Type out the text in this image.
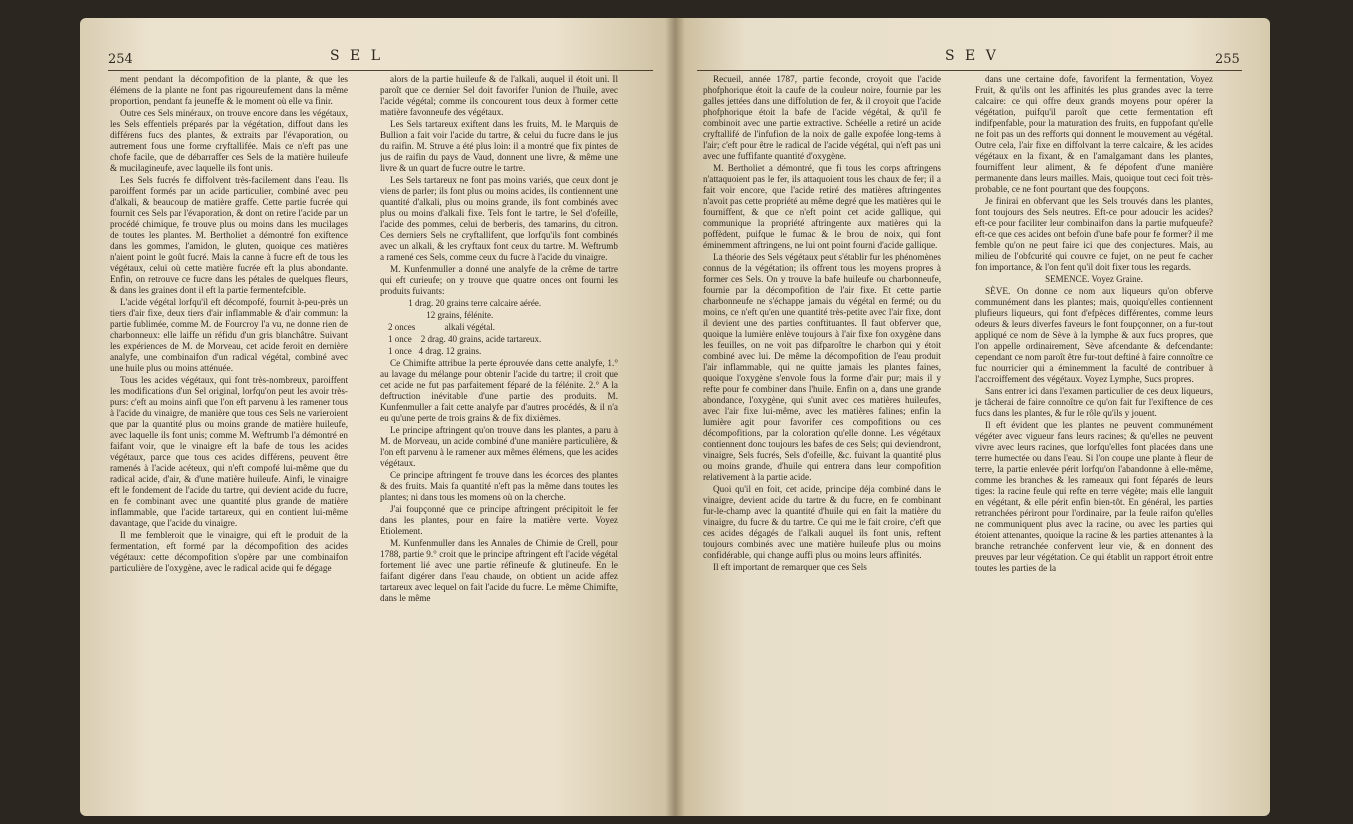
254	S E L

ment pendant la décompofition de la plante, & que les élémens de la plante ne font pas rigoureufement dans la même proportion, pendant fa jeuneffe & le moment où elle va finir.

Outre ces Sels minéraux, on trouve encore dans les végétaux, les Sels effentiels préparés par la végétation, diffout dans les différens fucs des plantes, & extraits par l'évaporation, ou autrement fous une forme cryftallifée. Mais ce n'eft pas une chofe facile, que de débarraffer ces Sels de la matière huileufe & mucilagineufe, avec laquelle ils font unis.

Les Sels fucrés fe diffolvent très-facilement dans l'eau. Ils paroiffent formés par un acide particulier, combiné avec peu d'alkali, & beaucoup de matière graffe. Cette partie fucrée qui fournit ces Sels par l'évaporation, & dont on retire l'acide par un procédé chimique, fe trouve plus ou moins dans les mucilages de toutes les plantes. M. Bertholiet a démontré fon exiftence dans les gommes, l'amidon, le gluten, quoique ces matières n'aient point le goût fucré. Mais la canne à fucre eft de tous les végétaux, celui où cette matière fucrée eft la plus abondante. Enfin, on retrouve ce fucre dans les pétales de quelques fleurs, & dans les graines dont il eft la partie fermentefcible.

L'acide végétal lorfqu'il eft décompofé, fournit à-peu-près un tiers d'air fixe, deux tiers d'air inflammable & d'air commun: la partie fublimée, comme M. de Fourcroy l'a vu, ne donne rien de charbonneux: elle laiffe un réfidu d'un gris blanchâtre. Suivant les expériences de M. de Morveau, cet acide feroit en dernière analyfe, une combinaifon d'un radical végétal, combiné avec une huile plus ou moins atténuée.

Tous les acides végétaux, qui font très-nombreux, paroiffent les modifications d'un Sel original, lorfqu'on peut les avoir très-purs: c'eft au moins ainfi que l'on eft parvenu à les ramener tous à l'acide du vinaigre, de manière que tous ces Sels ne varieroient que par la quantité plus ou moins grande de matière huileufe, avec laquelle ils font unis; comme M. Weftrumb l'a démontré en faifant voir, que le vinaigre eft la bafe de tous les acides végétaux, parce que tous ces acides différens, peuvent être ramenés à l'acide acéteux, qui n'eft compofé lui-même que du radical acide, d'air, & d'une matière huileufe. Ainfi, le vinaigre eft le fondement de l'acide du tartre, qui devient acide du fucre, en fe combinant avec une quantité plus grande de matière inflammable, que l'acide tartareux, qui en contient lui-même davantage, que l'acide du vinaigre.

Il me fembleroit que le vinaigre, qui eft le produit de la fermentation, eft formé par la décompofition des acides végétaux: cette décompofition s'opère par une combinaifon particulière de l'oxygène, avec le radical acide qui fe dégage

alors de la partie huileufe & de l'alkali, auquel il étoit uni. Il paroît que ce dernier Sel doit favorifer l'union de l'huile, avec l'acide végétal; comme ils concourent tous deux à former cette matière favonneufe des végétaux.

Les Sels tartareux exiftent dans les fruits, M. le Marquis de Bullion a fait voir l'acide du tartre, & celui du fucre dans le jus du raifin. M. Struve a été plus loin: il a montré que fix pintes de jus de raifin du pays de Vaud, donnent une livre, & même une livre & un quart de fucre outre le tartre.

Les Sels tartareux ne font pas moins variés, que ceux dont je viens de parler; ils font plus ou moins acides, ils contiennent une quantité d'alkali, plus ou moins grande, ils font combinés avec plus ou moins d'alkali fixe. Tels font le tartre, le Sel d'ofeille, l'acide des pommes, celui de berberis, des tamarins, du citron. Ces derniers Sels ne cryftallifent, que lorfqu'ils font combinés avec un alkali, & les cryftaux font ceux du tartre. M. Weftrumb a ramené ces Sels, comme ceux du fucre à l'acide du vinaigre.

M. Kunfenmuller a donné une analyfe de la crême de tartre qui eft curieufe; on y trouve que quatre onces ont fourni les produits fuivants:

1 drag. 20 grains terre calcaire aérée.

12 grains, félénite.

2 onces             alkali végétal.

1 once    2 drag. 40 grains, acide tartareux.

1 once   4 drag. 12 grains.

Ce Chimifte attribue la perte éprouvée dans cette analyfe, 1.° au lavage du mélange pour obtenir l'acide du tartre; il croit que cet acide ne fut pas parfaitement féparé de la félénite. 2.° A la deftruction inévitable d'une partie des produits. M. Kunfenmuller a fait cette analyfe par d'autres procédés, & il n'a eu qu'une perte de trois grains & de fix dixièmes.

Le principe aftringent qu'on trouve dans les plantes, a paru à M. de Morveau, un acide combiné d'une manière particulière, & l'on eft parvenu à le ramener aux mêmes élémens, que les acides végétaux.

Ce principe aftringent fe trouve dans les écorces des plantes & des fruits. Mais fa quantité n'eft pas la même dans toutes les plantes; ni dans tous les momens où on la cherche.

J'ai foupçonné que ce principe aftringent précipitoit le fer dans les plantes, pour en faire la matière verte. Voyez Etiolement.

M. Kunfenmuller dans les Annales de Chimie de Crell, pour 1788, partie 9.° croit que le principe aftringent eft l'acide végétal fortement lié avec une partie réfineufe & glutineufe. En le faifant digérer dans l'eau chaude, on obtient un acide affez tartareux avec lequel on fait l'acide du fucre. Le même Chimifte, dans le même

S E V	255

Recueil, année 1787, partie feconde, croyoit que l'acide phofphorique étoit la caufe de la couleur noire, fournie par les galles jettées dans une diffolution de fer, & il croyoit que l'acide phofphorique étoit la bafe de l'acide végétal, & qu'il fe combinoit avec une partie extractive. Schéelle a retiré un acide cryftallifé de l'infufion de la noix de galle expofée long-tems à l'air; c'eft pour être le radical de l'acide végétal, qui n'eft pas uni avec une fuffifante quantité d'oxygène.

M. Bertholiet a démontré, que fi tous les corps aftringens n'attaquoient pas le fer, ils attaquoient tous les chaux de fer; il a fait voir encore, que l'acide retiré des matières aftringentes n'avoit pas cette propriété au même degré que les matières qui le fourniffent, & que ce n'eft point cet acide gallique, qui communique la propriété aftringente aux matières qui la poffèdent, puifque le fumac & le brou de noix, qui font éminemment aftringens, ne lui ont point fourni d'acide gallique.

La théorie des Sels végétaux peut s'établir fur les phénomènes connus de la végétation; ils offrent tous les moyens propres à former ces Sels. On y trouve la bafe huileufe ou charbonneufe, fournie par la décompofition de l'air fixe. Et cette partie charbonneufe ne s'échappe jamais du végétal en fermé; ou du moins, ce n'eft qu'en une quantité très-petite avec l'air fixe, dont il devient une des parties conftituantes. Il faut obferver que, quoique la lumière enlève toujours à l'air fixe fon oxygène dans les feuilles, on ne voit pas difparoître le charbon qui y étoit combiné avec lui. De même la décompofition de l'eau produit l'air inflammable, qui ne quitte jamais les plantes faines, quoique l'oxygène s'envole fous la forme d'air pur; mais il y refte pour fe combiner dans l'huile. Enfin on a, dans une grande abondance, l'oxygène, qui s'unit avec ces matières huileufes, avec l'air fixe lui-même, avec les matières falines; enfin la lumière agit pour favorifer ces compofitions ou ces décompofitions, par la coloration qu'elle donne. Les végétaux contiennent donc toujours les bafes de ces Sels; qui deviendront, vinaigre, Sels fucrés, Sels d'ofeille, &c. fuivant la quantité plus ou moins grande, d'huile qui entrera dans leur compofition relativement à la partie acide.

Quoi qu'il en foit, cet acide, principe déja combiné dans le vinaigre, devient acide du tartre & du fucre, en fe combinant fur-le-champ avec la quantité d'huile qui en fait la matière du vinaigre, du fucre & du tartre. Ce qui me le fait croire, c'eft que ces acides dégagés de l'alkali auquel ils font unis, reftent toujours combinés avec une matière huileufe plus ou moins confidérable, qui change auffi plus ou moins leurs affinités.

Il eft important de remarquer que ces Sels

dans une certaine dofe, favorifent la fermentation, Voyez Fruit, & qu'ils ont les affinités les plus grandes avec la terre calcaire: ce qui offre deux grands moyens pour opérer la végétation, puifqu'il paroît que cette fermentation eft indifpenfable, pour la maturation des fruits, en fuppofant qu'elle ne foit pas un des refforts qui donnent le mouvement au végétal. Outre cela, l'air fixe en diffolvant la terre calcaire, & les acides végétaux en la fixant, & en l'amalgamant dans les plantes, fourniffent leur aliment, & fe dépofent d'une manière permanente dans leurs mailles. Mais, quoique tout ceci foit très-probable, ce ne font pourtant que des foupçons.

Je finirai en obfervant que les Sels trouvés dans les plantes, font toujours des Sels neutres. Eft-ce pour adoucir les acides? eft-ce pour faciliter leur combinaifon dans la partie mufqueufe? eft-ce que ces acides ont befoin d'une bafe pour fe former? il me femble qu'on ne peut faire ici que des conjectures. Mais, au milieu de l'obfcurité qui couvre ce fujet, on ne peut fe cacher fon importance, & l'on fent qu'il doit fixer tous les regards.

SEMENCE. Voyez Graine.

SÈVE. On donne ce nom aux liqueurs qu'on obferve communément dans les plantes; mais, quoiqu'elles contiennent plufieurs liqueurs, qui font d'efpèces différentes, comme leurs odeurs & leurs diverfes faveurs le font foupçonner, on a fur-tout appliqué ce nom de Sève à la lymphe & aux fucs propres, que l'on appelle ordinairement, Sève afcendante & defcendante: cependant ce nom paroît être fur-tout deftiné à faire connoître ce fuc nourricier qui a éminemment la faculté de contribuer à l'accroiffement des végétaux. Voyez Lymphe, Sucs propres.

Sans entrer ici dans l'examen particulier de ces deux liqueurs, je tâcherai de faire connoître ce qu'on fait fur l'exiftence de ces fucs dans les plantes, & fur le rôle qu'ils y jouent.

Il eft évident que les plantes ne peuvent communément végéter avec vigueur fans leurs racines; & qu'elles ne peuvent vivre avec leurs racines, que lorfqu'elles font placées dans une terre humectée ou dans l'eau. Si l'on coupe une plante à fleur de terre, la partie enlevée périt lorfqu'on l'abandonne à elle-même, comme les branches & les rameaux qui font féparés de leurs tiges: la racine feule qui refte en terre végète; mais elle languit en végétant, & elle périt enfin bien-tôt. En général, les parties retranchées périront pour l'ordinaire, par la feule raifon qu'elles ne communiquent plus avec la racine, ou avec les parties qui étoient attenantes, quoique la racine & les parties attenantes à la branche retranchée confervent leur vie, & en donnent des preuves par leur végétation. Ce qui établit un rapport étroit entre toutes les parties de la
